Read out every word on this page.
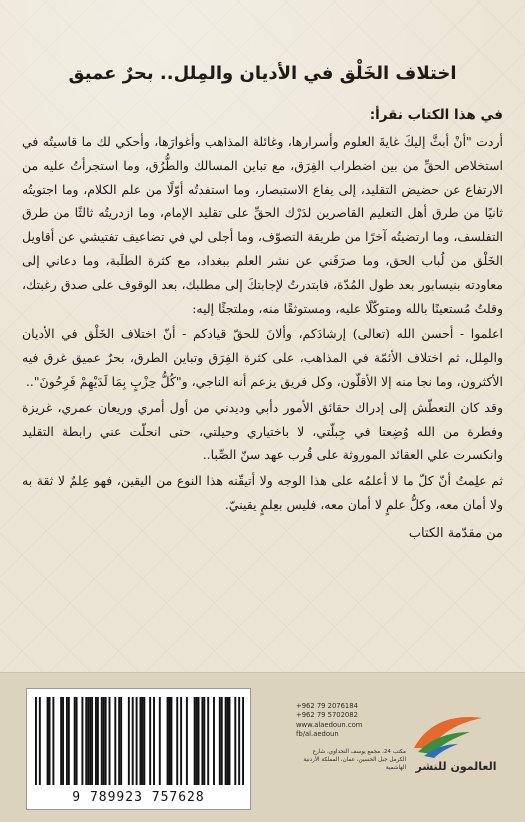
اختلاف الخَلْق في الأديان والمِلل.. بحرٌ عميق
في هذا الكتاب نقرأ:

أردت "أنْ أبثَّ إليكَ غايةَ العلوم وأسرارها، وغائلة المذاهب وأغوارَها، وأحكي لك ما قاسيتُه في استخلاص الحقِّ من بين اضطراب الفِرَق، مع تباين المسالك والطُّرُق، وما استجرأتُ عليه من الارتفاع عن حضيض التقليد، إلى يفاع الاستبصار، وما استفدتُه أوّلًا من علم الكلام، وما اجتويتُه ثانيًا من طرق أهل التعليم القاصرين لدَرْك الحقِّ على تقليد الإمام، وما ازدريتُه ثالثًا من طرق التفلسف، وما ارتضيتُه آخرًا من طريقة التصوّف، وما أجلى لي في تضاعيف تفتيشي عن أقاويل الخَلْق من لُباب الحق، وما صرَفَني عن نشر العلم ببغداد، مع كثرة الطلَبة، وما دعاني إلى معاودته بنيسابور بعد طول المُدّة، فابتدرتُ لإجابتكَ إلى مطلبك، بعد الوقوف على صدق رغبتك، وقلتُ مُستعينًا بالله ومتوكّلًا عليه، ومستوثقًا منه، وملتجئًا إليه:

اعلموا - أحسن الله (تعالى) إرشادَكم، وألانَ للحقّ قيادكم - أنّ اختلاف الخَلْق في الأديان والمِلل، ثم اختلاف الأئمّة في المذاهب، على كثرة الفِرَق وتباين الطرق، بحرٌ عميق غرق فيه الأكثرون، وما نجا منه إلا الأقلّون، وكل فريق يزعم أنه الناجي، و"كُلُّ حِزْبٍ بِمَا لَدَيْهِمْ فَرِحُونَ"..

وقد كان التعطّش إلى إدراك حقائق الأمور دأبي وديدني من أول أمري وريعان عمري، غريزة وفطرة من الله وُضِعتا في جِبلّتي، لا باختياري وحيلتي، حتى انحلّت عني رابطة التقليد وانكسرت علي العقائد الموروثة على قُرب عهد سنّ الصِّبا..

ثم علِمتُ أنّ كلّ ما لا أعلمُه على هذا الوجه ولا أتيقّنه هذا النوع من اليقين، فهو عِلمٌ لا ثقة به ولا أمان معه، وكلُّ علمٍ لا أمان معه، فليس بعِلمٍ يقينيّ.

من مقدّمة الكتاب
9 789923 757628
+962 79 2076184
+962 79 5702082
www.alaedoun.com
fb/al.aedoun
مكتب 24، مجمع يوسف النجداوي، شارع الكرمل جبل الحسين، عمان، المملكة الأردنية الهاشمية العالمون للنشر
